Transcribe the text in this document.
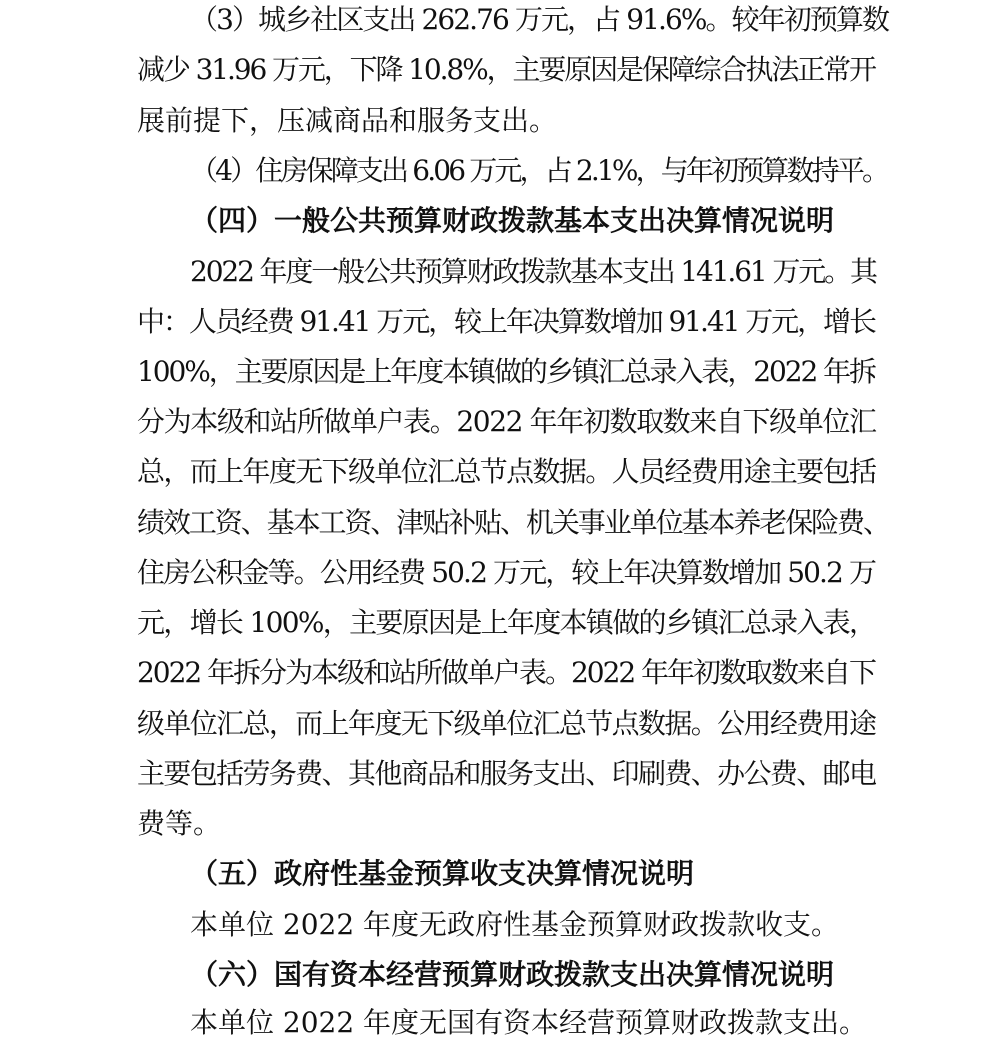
（3）城乡社区支出 262.76 万元，占 91.6%。较年初预算数
减少 31.96 万元，下降 10.8%，主要原因是保障综合执法正常开
展前提下，压减商品和服务支出。
（4）住房保障支出 6.06 万元，占 2.1%，与年初预算数持平。
（四）一般公共预算财政拨款基本支出决算情况说明
2022 年度一般公共预算财政拨款基本支出 141.61 万元。其
中：人员经费 91.41 万元，较上年决算数增加 91.41 万元，增长
100%，主要原因是上年度本镇做的乡镇汇总录入表，2022 年拆
分为本级和站所做单户表。2022 年年初数取数来自下级单位汇
总，而上年度无下级单位汇总节点数据。人员经费用途主要包括
绩效工资、基本工资、津贴补贴、机关事业单位基本养老保险费、
住房公积金等。公用经费 50.2 万元，较上年决算数增加 50.2 万
元，增长 100%，主要原因是上年度本镇做的乡镇汇总录入表，
2022 年拆分为本级和站所做单户表。2022 年年初数取数来自下
级单位汇总，而上年度无下级单位汇总节点数据。公用经费用途
主要包括劳务费、其他商品和服务支出、印刷费、办公费、邮电
费等。
（五）政府性基金预算收支决算情况说明
本单位 2022 年度无政府性基金预算财政拨款收支。
（六）国有资本经营预算财政拨款支出决算情况说明
本单位 2022 年度无国有资本经营预算财政拨款支出。
